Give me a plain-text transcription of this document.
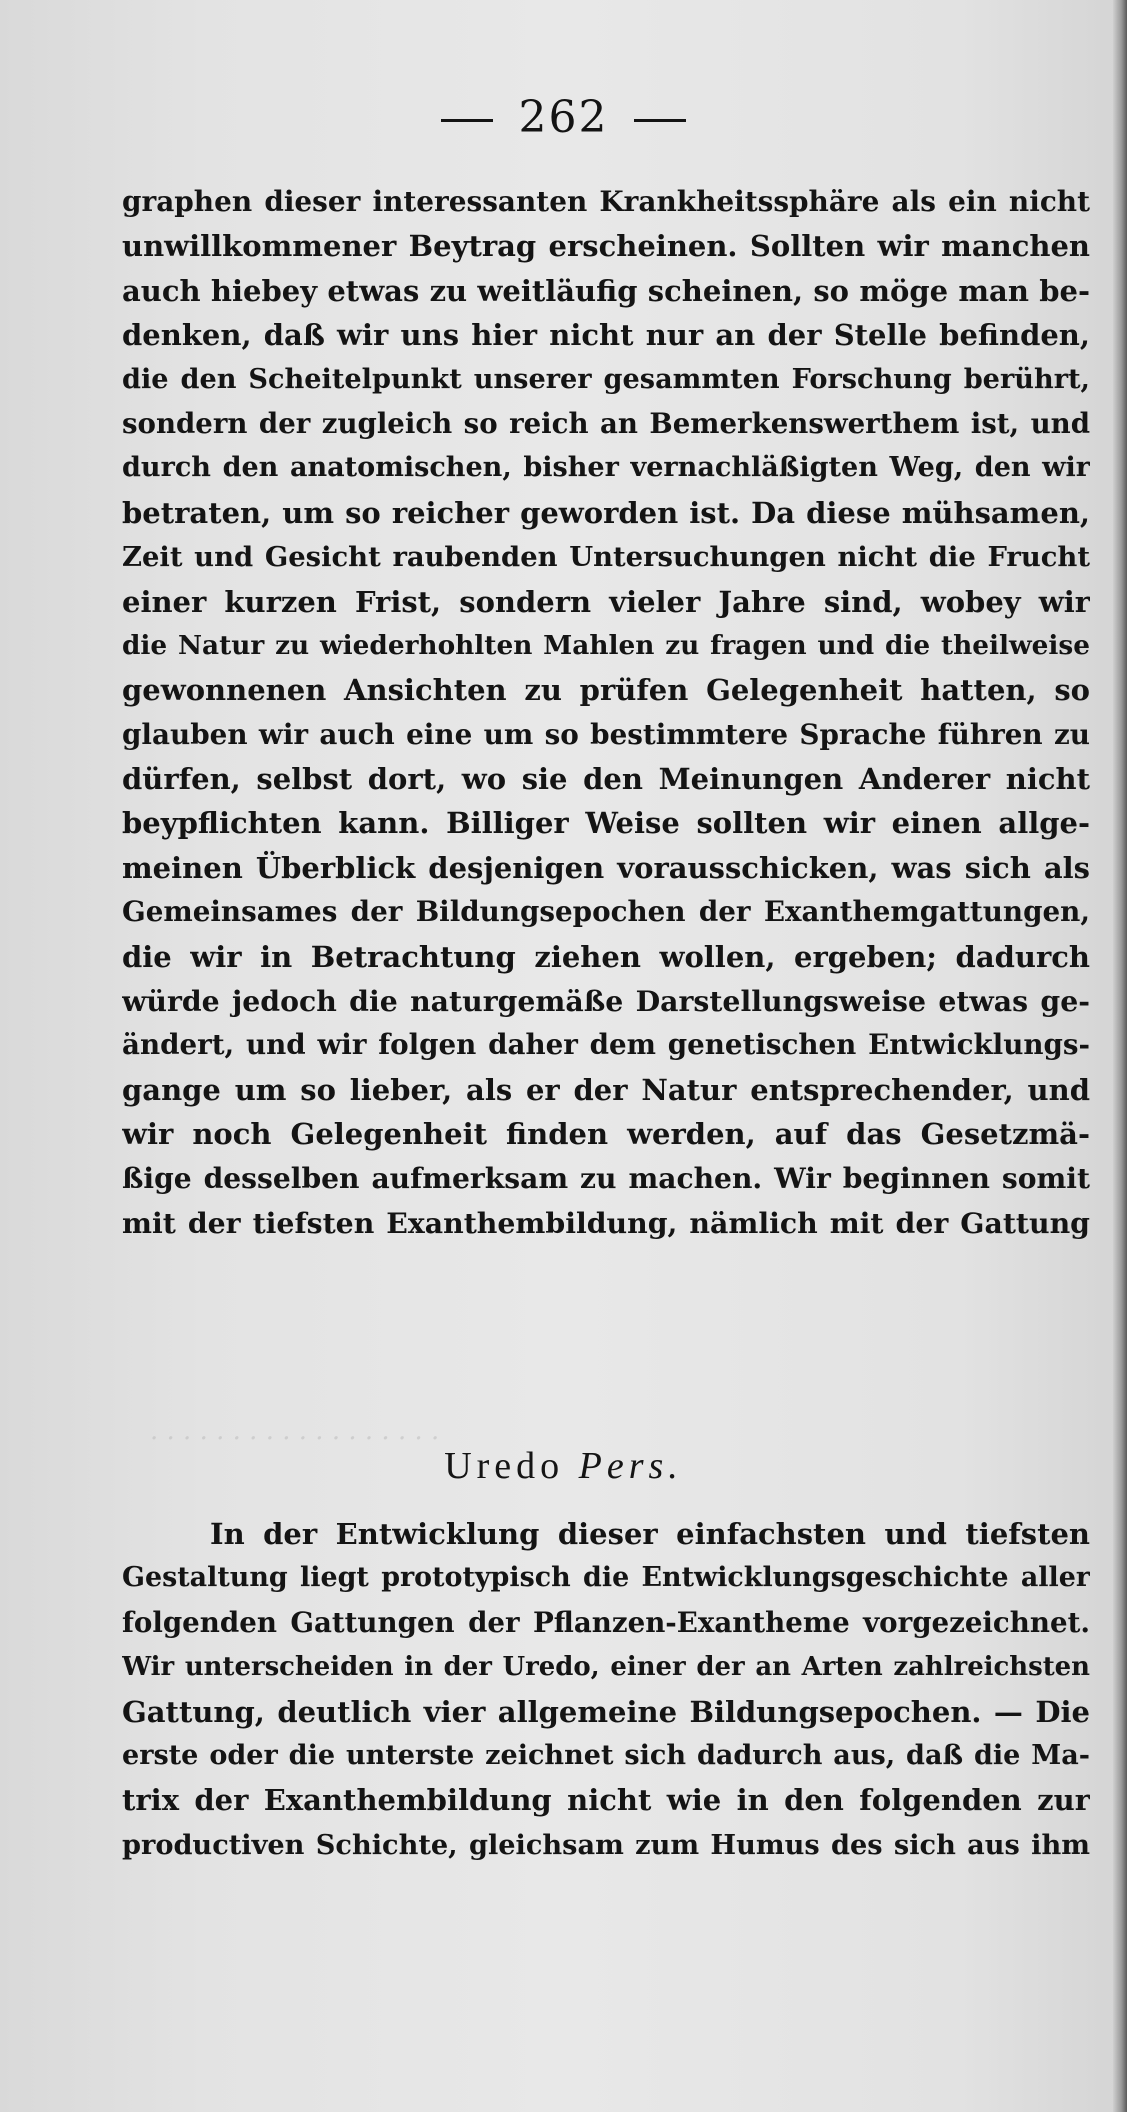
· · · · · · · · · · · · · · · · · ·
262
graphen dieser interessanten Krankheitssphäre als ein nicht
unwillkommener Beytrag erscheinen. Sollten wir manchen
auch hiebey etwas zu weitläufig scheinen, so möge man be-
denken, daß wir uns hier nicht nur an der Stelle befinden,
die den Scheitelpunkt unserer gesammten Forschung berührt,
sondern der zugleich so reich an Bemerkenswerthem ist, und
durch den anatomischen, bisher vernachläßigten Weg, den wir
betraten, um so reicher geworden ist. Da diese mühsamen,
Zeit und Gesicht raubenden Untersuchungen nicht die Frucht
einer kurzen Frist, sondern vieler Jahre sind, wobey wir
die Natur zu wiederhohlten Mahlen zu fragen und die theilweise
gewonnenen Ansichten zu prüfen Gelegenheit hatten, so
glauben wir auch eine um so bestimmtere Sprache führen zu
dürfen, selbst dort, wo sie den Meinungen Anderer nicht
beypflichten kann. Billiger Weise sollten wir einen allge-
meinen Überblick desjenigen vorausschicken, was sich als
Gemeinsames der Bildungsepochen der Exanthemgattungen,
die wir in Betrachtung ziehen wollen, ergeben; dadurch
würde jedoch die naturgemäße Darstellungsweise etwas ge-
ändert, und wir folgen daher dem genetischen Entwicklungs-
gange um so lieber, als er der Natur entsprechender, und
wir noch Gelegenheit finden werden, auf das Gesetzmä-
ßige desselben aufmerksam zu machen. Wir beginnen somit
mit der tiefsten Exanthembildung, nämlich mit der Gattung
Uredo Pers.
In der Entwicklung dieser einfachsten und tiefsten
Gestaltung liegt prototypisch die Entwicklungsgeschichte aller
folgenden Gattungen der Pflanzen-Exantheme vorgezeichnet.
Wir unterscheiden in der Uredo, einer der an Arten zahlreichsten
Gattung, deutlich vier allgemeine Bildungsepochen. — Die
erste oder die unterste zeichnet sich dadurch aus, daß die Ma-
trix der Exanthembildung nicht wie in den folgenden zur
productiven Schichte, gleichsam zum Humus des sich aus ihm
